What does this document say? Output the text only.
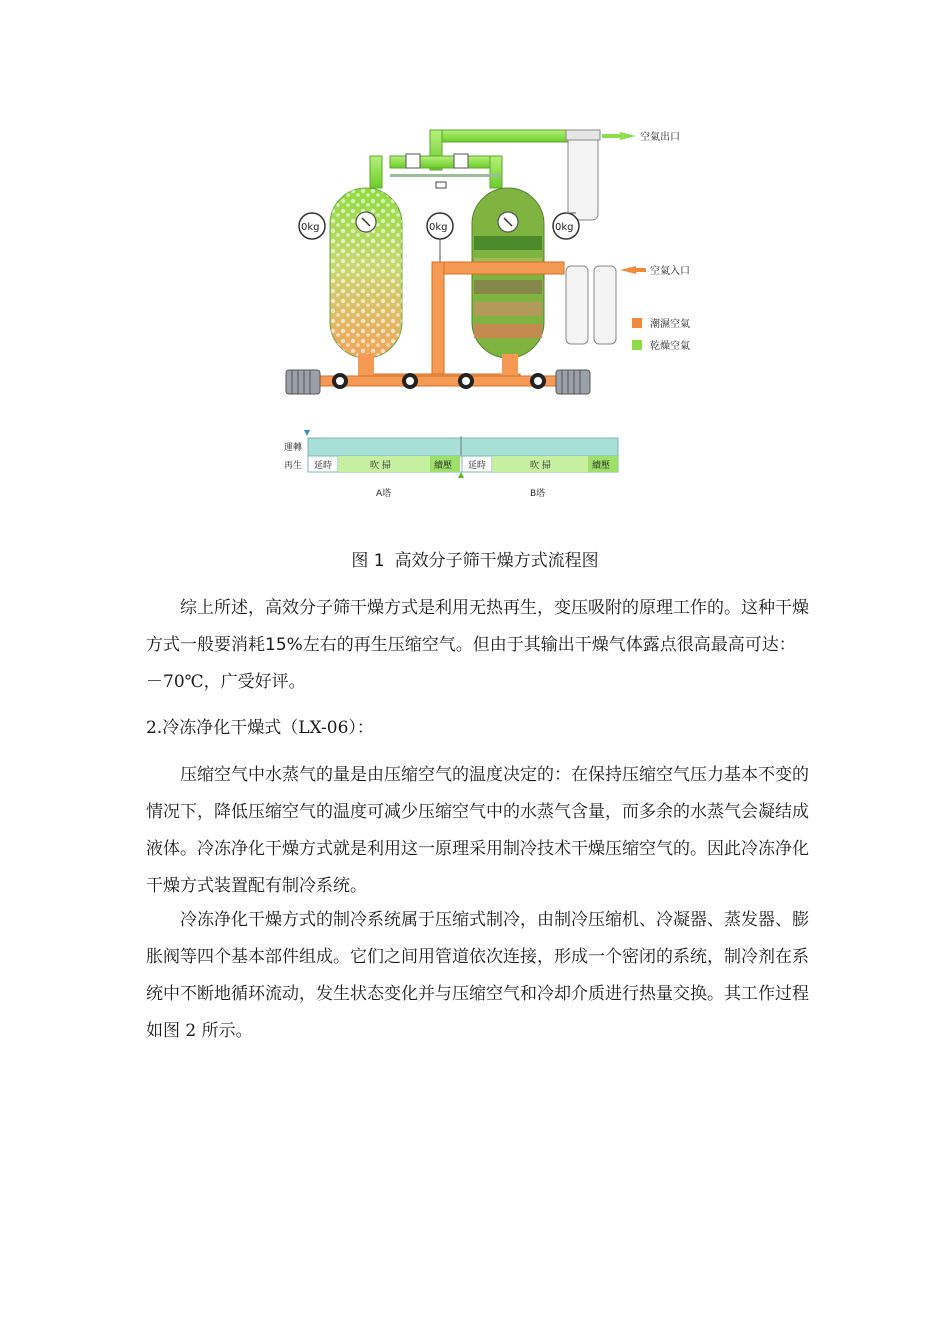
空氣出口
0kg	0kg	0kg
空氣入口
潮濕空氣
乾燥空氣
運轉
再生 延時	吹 掃	續壓 延時	吹 掃	續壓
A塔	B塔
图 1 高效分子筛干燥方式流程图

综上所述，高效分子筛干燥方式是利用无热再生，变压吸附的原理工作的。这种干燥方式一般要消耗15%左右的再生压缩空气。但由于其输出干燥气体露点很高最高可达：－70℃，广受好评。

2.冷冻净化干燥式（LX-06）：

压缩空气中水蒸气的量是由压缩空气的温度决定的：在保持压缩空气压力基本不变的情况下，降低压缩空气的温度可减少压缩空气中的水蒸气含量，而多余的水蒸气会凝结成液体。冷冻净化干燥方式就是利用这一原理采用制冷技术干燥压缩空气的。因此冷冻净化干燥方式装置配有制冷系统。

冷冻净化干燥方式的制冷系统属于压缩式制冷，由制冷压缩机、冷凝器、蒸发器、膨胀阀等四个基本部件组成。它们之间用管道依次连接，形成一个密闭的系统，制冷剂在系统中不断地循环流动，发生状态变化并与压缩空气和冷却介质进行热量交换。其工作过程如图 2 所示。
